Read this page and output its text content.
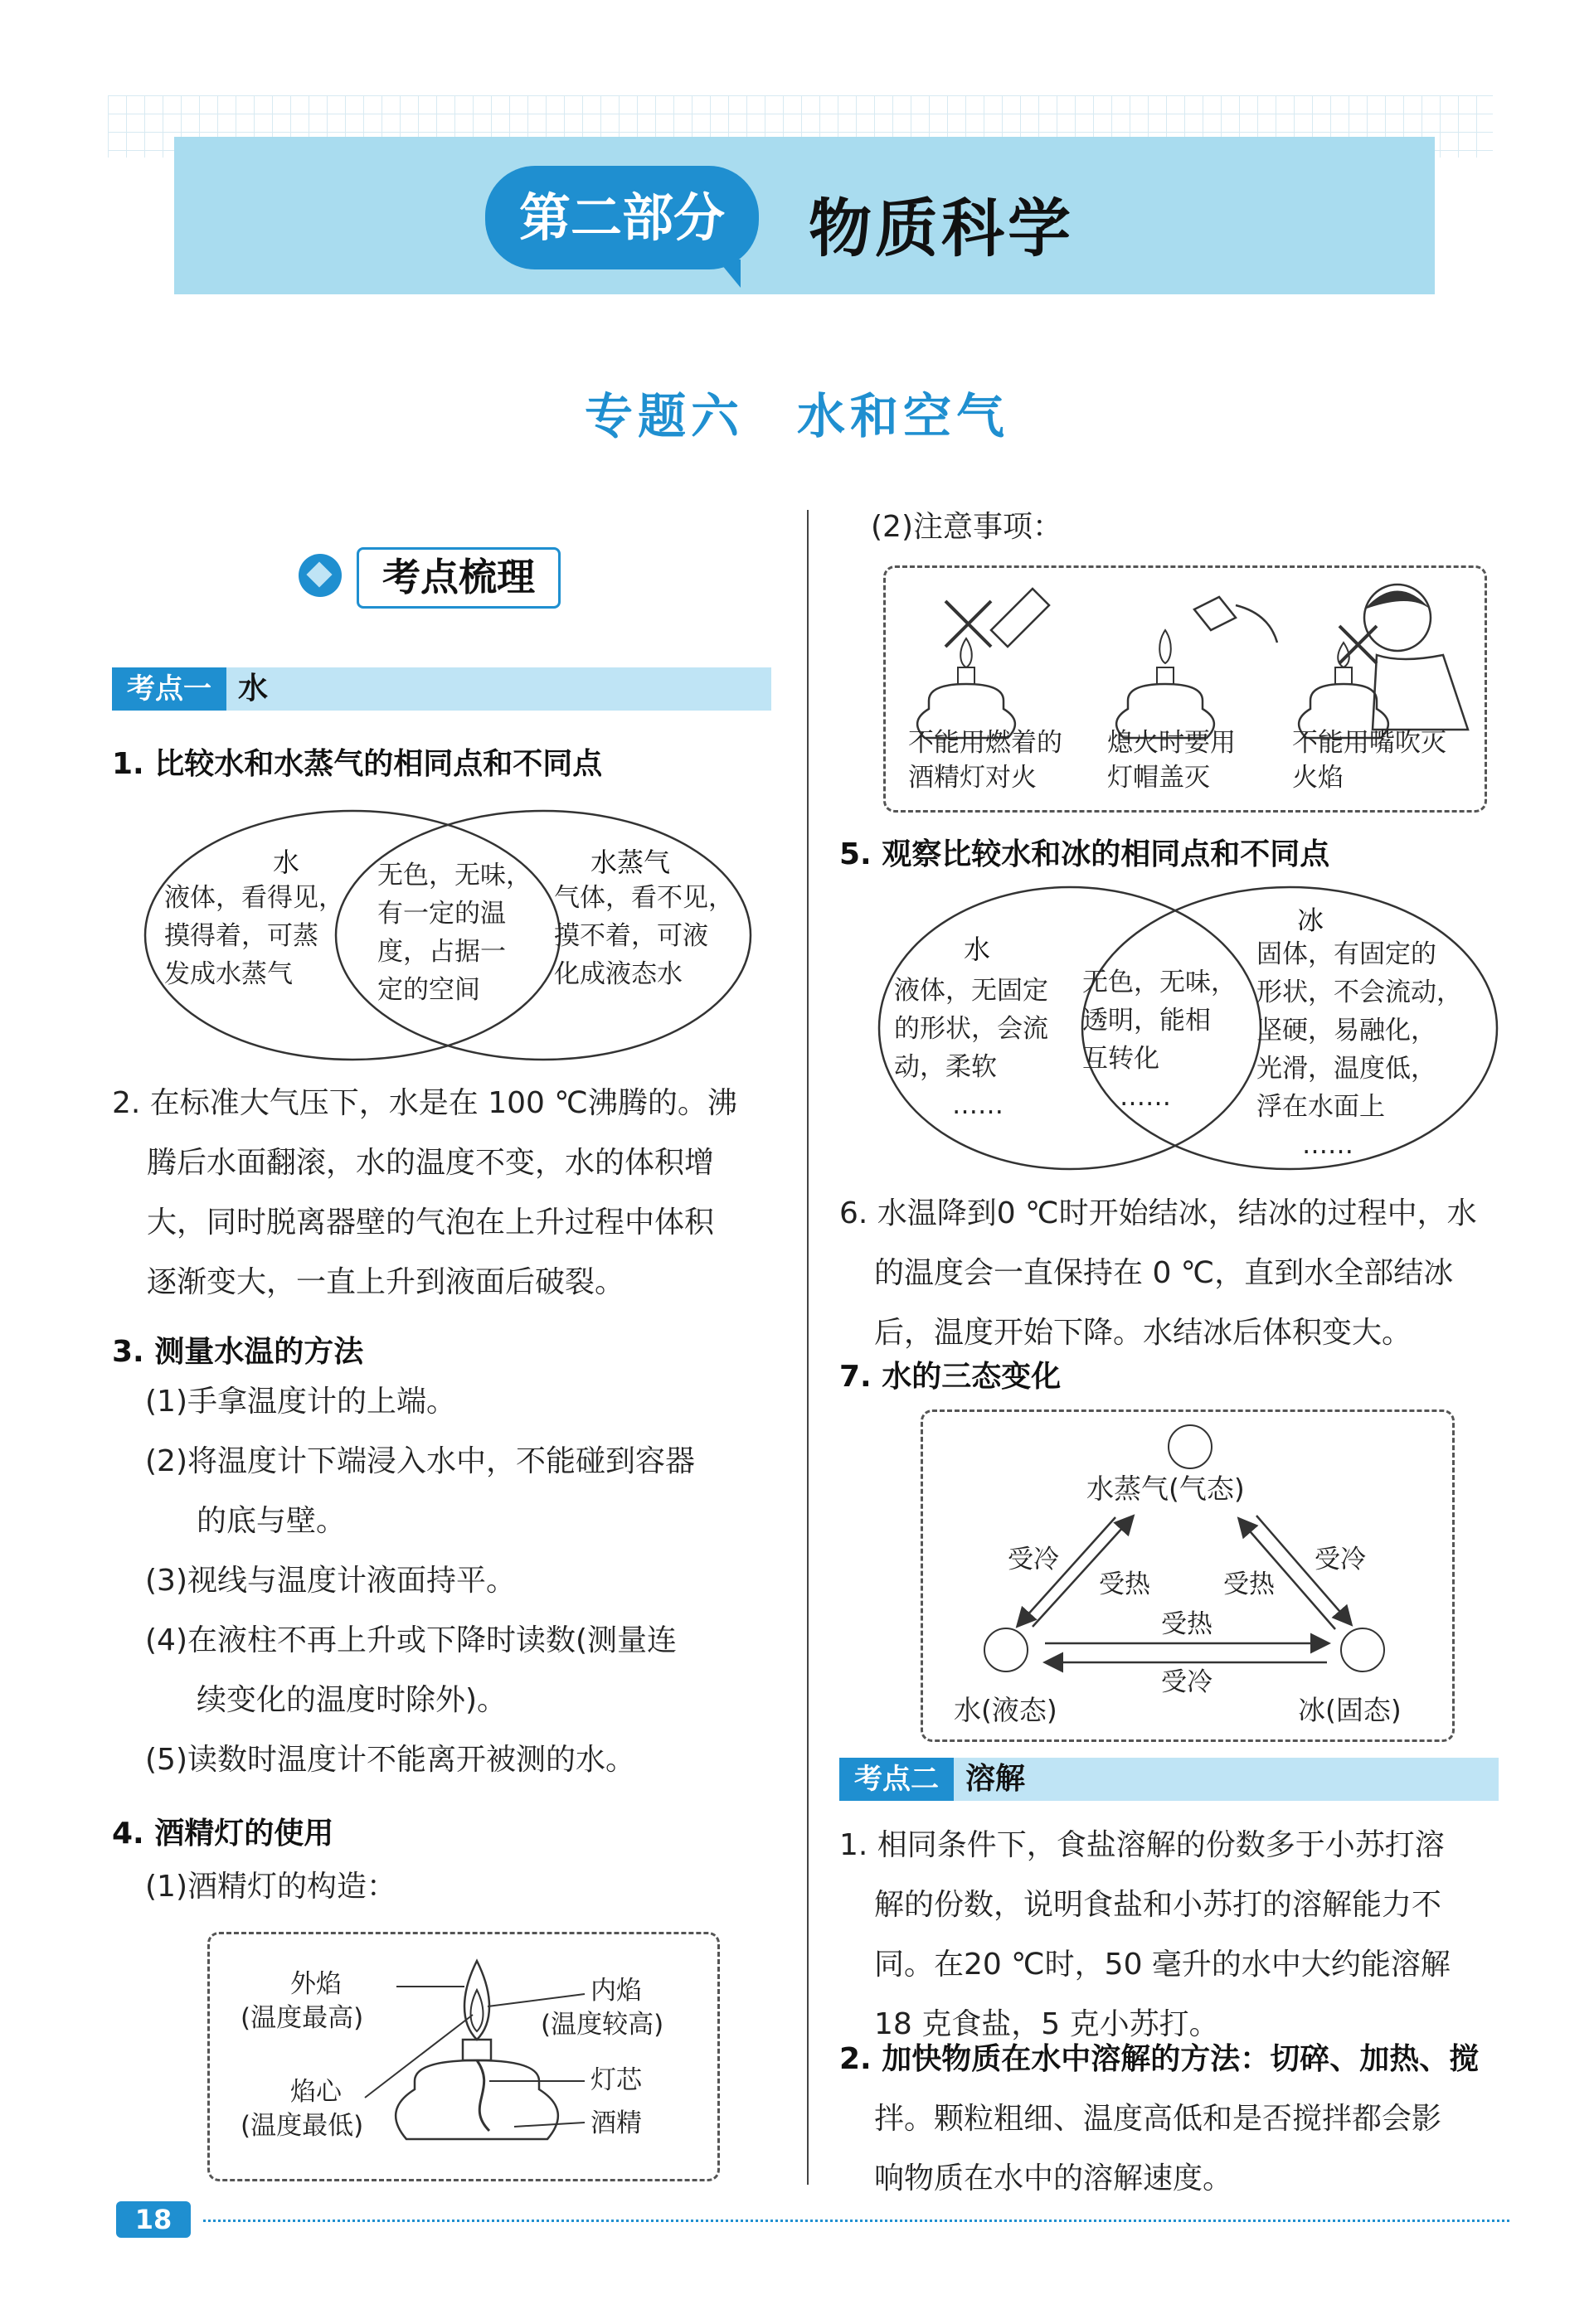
第二部分	物质科学
专题六　水和空气
考点梳理
考点一 水
1. 比较水和水蒸气的相同点和不同点
水
液体，看得见，
摸得着，可蒸
发成水蒸气
无色，无味，
有一定的温
度，占据一
定的空间
水蒸气
气体，看不见，
摸不着，可液
化成液态水
2. 在标准大气压下，水是在 100 ℃沸腾的。沸
腾后水面翻滚，水的温度不变，水的体积增
大，同时脱离器壁的气泡在上升过程中体积
逐渐变大，一直上升到液面后破裂。
3. 测量水温的方法
(1)手拿温度计的上端。
(2)将温度计下端浸入水中，不能碰到容器
的底与壁。
(3)视线与温度计液面持平。
(4)在液柱不再上升或下降时读数(测量连
续变化的温度时除外)。
(5)读数时温度计不能离开被测的水。
4. 酒精灯的使用
(1)酒精灯的构造：
外焰
(温度最高)
焰心
(温度最低)
内焰
(温度较高)
灯芯
酒精
(2)注意事项：
不能用燃着的
酒精灯对火
熄火时要用
灯帽盖灭
不能用嘴吹灭
火焰
5. 观察比较水和冰的相同点和不同点
水
液体，无固定
的形状，会流
动，柔软
……
无色，无味，
透明，能相
互转化
……
冰
固体，有固定的
形状，不会流动，
坚硬，易融化，
光滑，温度低，
浮在水面上
……
6. 水温降到0 ℃时开始结冰，结冰的过程中，水
的温度会一直保持在 0 ℃，直到水全部结冰
后，温度开始下降。水结冰后体积变大。
7. 水的三态变化
水蒸气(气态)
水(液态)	冰(固态)
受冷
受热
受冷
受热
受热
受冷
考点二 溶解
1. 相同条件下，食盐溶解的份数多于小苏打溶
解的份数，说明食盐和小苏打的溶解能力不
同。在20 ℃时，50 毫升的水中大约能溶解
18 克食盐，5 克小苏打。
2. 加快物质在水中溶解的方法：切碎、加热、搅
拌。颗粒粗细、温度高低和是否搅拌都会影
响物质在水中的溶解速度。
18
